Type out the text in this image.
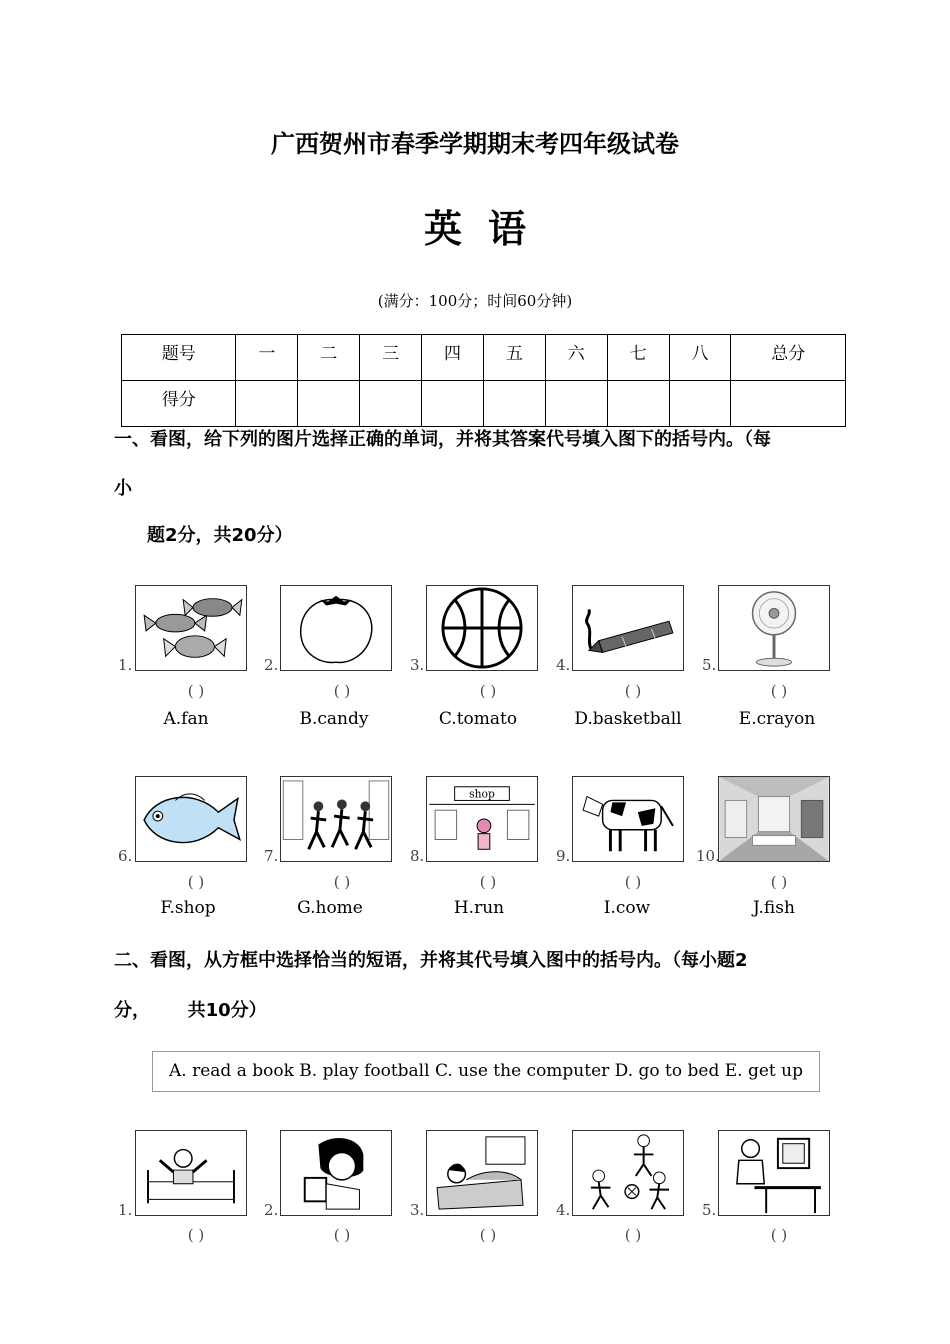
广西贺州市春季学期期末考四年级试卷
英语
(满分：100分；时间60分钟)
题号	一	二	三	四	五	六	七	八	总分
得分									
一、看图，给下列的图片选择正确的单词，并将其答案代号填入图下的括号内。（每
小
题2分，共20分）
1.	2.	3.	4.	5.
( )	( )	( )	( )	( )
A.fan	B.candy	C.tomato	D.basketball	E.crayon
shop
6.	7.	8.	9.	10.
( )	( )	( )	( )	( )
F.shop	G.home	H.run	I.cow	J.fish
二、看图，从方框中选择恰当的短语，并将其代号填入图中的括号内。（每小题2
分，      共10分）
A. read a book B. play football C. use the computer D. go to bed E. get up
1.	2.	3.	4.	5.
( )	( )	( )	( )	( )
